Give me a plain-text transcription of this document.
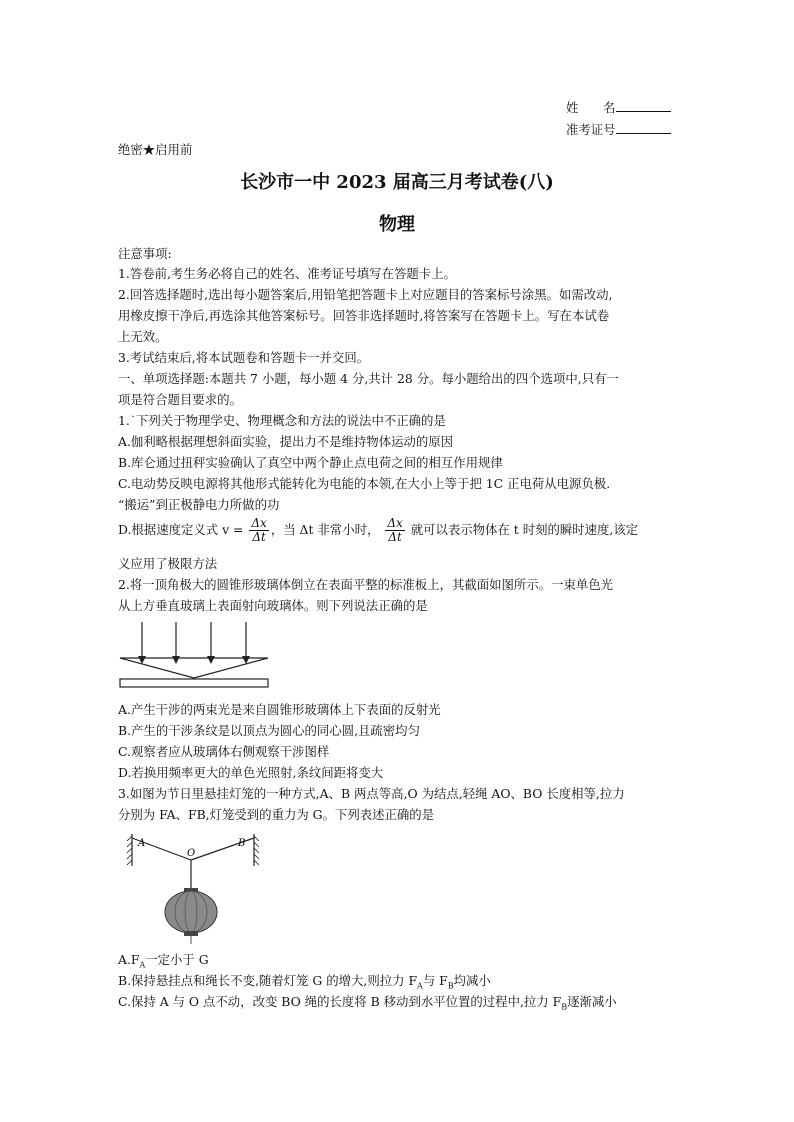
姓　　名
准考证号
绝密★启用前
长沙市一中 2023 届高三月考试卷(八)
物理
注意事项:
1.答卷前,考生务必将自己的姓名、准考证号填写在答题卡上。
2.回答选择题时,选出每小题答案后,用铅笔把答题卡上对应题目的答案标号涂黑。如需改动,
用橡皮擦干净后,再选涂其他答案标号。回答非选择题时,将答案写在答题卡上。写在本试卷
上无效。
3.考试结束后,将本试题卷和答题卡一并交回。
一、单项选择题:本题共 7 小题，每小题 4 分,共计 28 分。每小题给出的四个选项中,只有一
项是符合题目要求的。
1.˙下列关于物理学史、物理概念和方法的说法中不正确的是
A.伽利略根据理想斜面实验，提出力不是维持物体运动的原因
B.库仑通过扭秤实验确认了真空中两个静止点电荷之间的相互作用规律
C.电动势反映电源将其他形式能转化为电能的本领,在大小上等于把 1C 正电荷从电源负极.
“搬运”到正极静电力所做的功
D.根据速度定义式 $v = \frac{\Delta x}{\Delta t}$ ，当 Δt 非常小时， $\frac{\Delta x}{\Delta t}$ 就可以表示物体在 t 时刻的瞬时速度,该定
义应用了极限方法
2.将一顶角极大的圆锥形玻璃体倒立在表面平整的标准板上，其截面如图所示。一束单色光
从上方垂直玻璃上表面射向玻璃体。则下列说法正确的是
A.产生干涉的两束光是来自圆锥形玻璃体上下表面的反射光
B.产生的干涉条纹是以顶点为圆心的同心圆,且疏密均匀
C.观察者应从玻璃体右侧观察干涉图样
D.若换用频率更大的单色光照射,条纹间距将变大
3.如图为节日里悬挂灯笼的一种方式,A、B 两点等高,O 为结点,轻绳 AO、BO 长度相等,拉力
分别为 FA、FB,灯笼受到的重力为 G。下列表述正确的是
A	B
O
$A.F_A$一定小于 G
B.保持悬挂点和绳长不变,随着灯笼 G 的增大,则拉力 $F_A$与 $F_B$均减小
C.保持 A 与 O 点不动，改变 BO 绳的长度将 B 移动到水平位置的过程中,拉力 $F_B$逐渐减小
